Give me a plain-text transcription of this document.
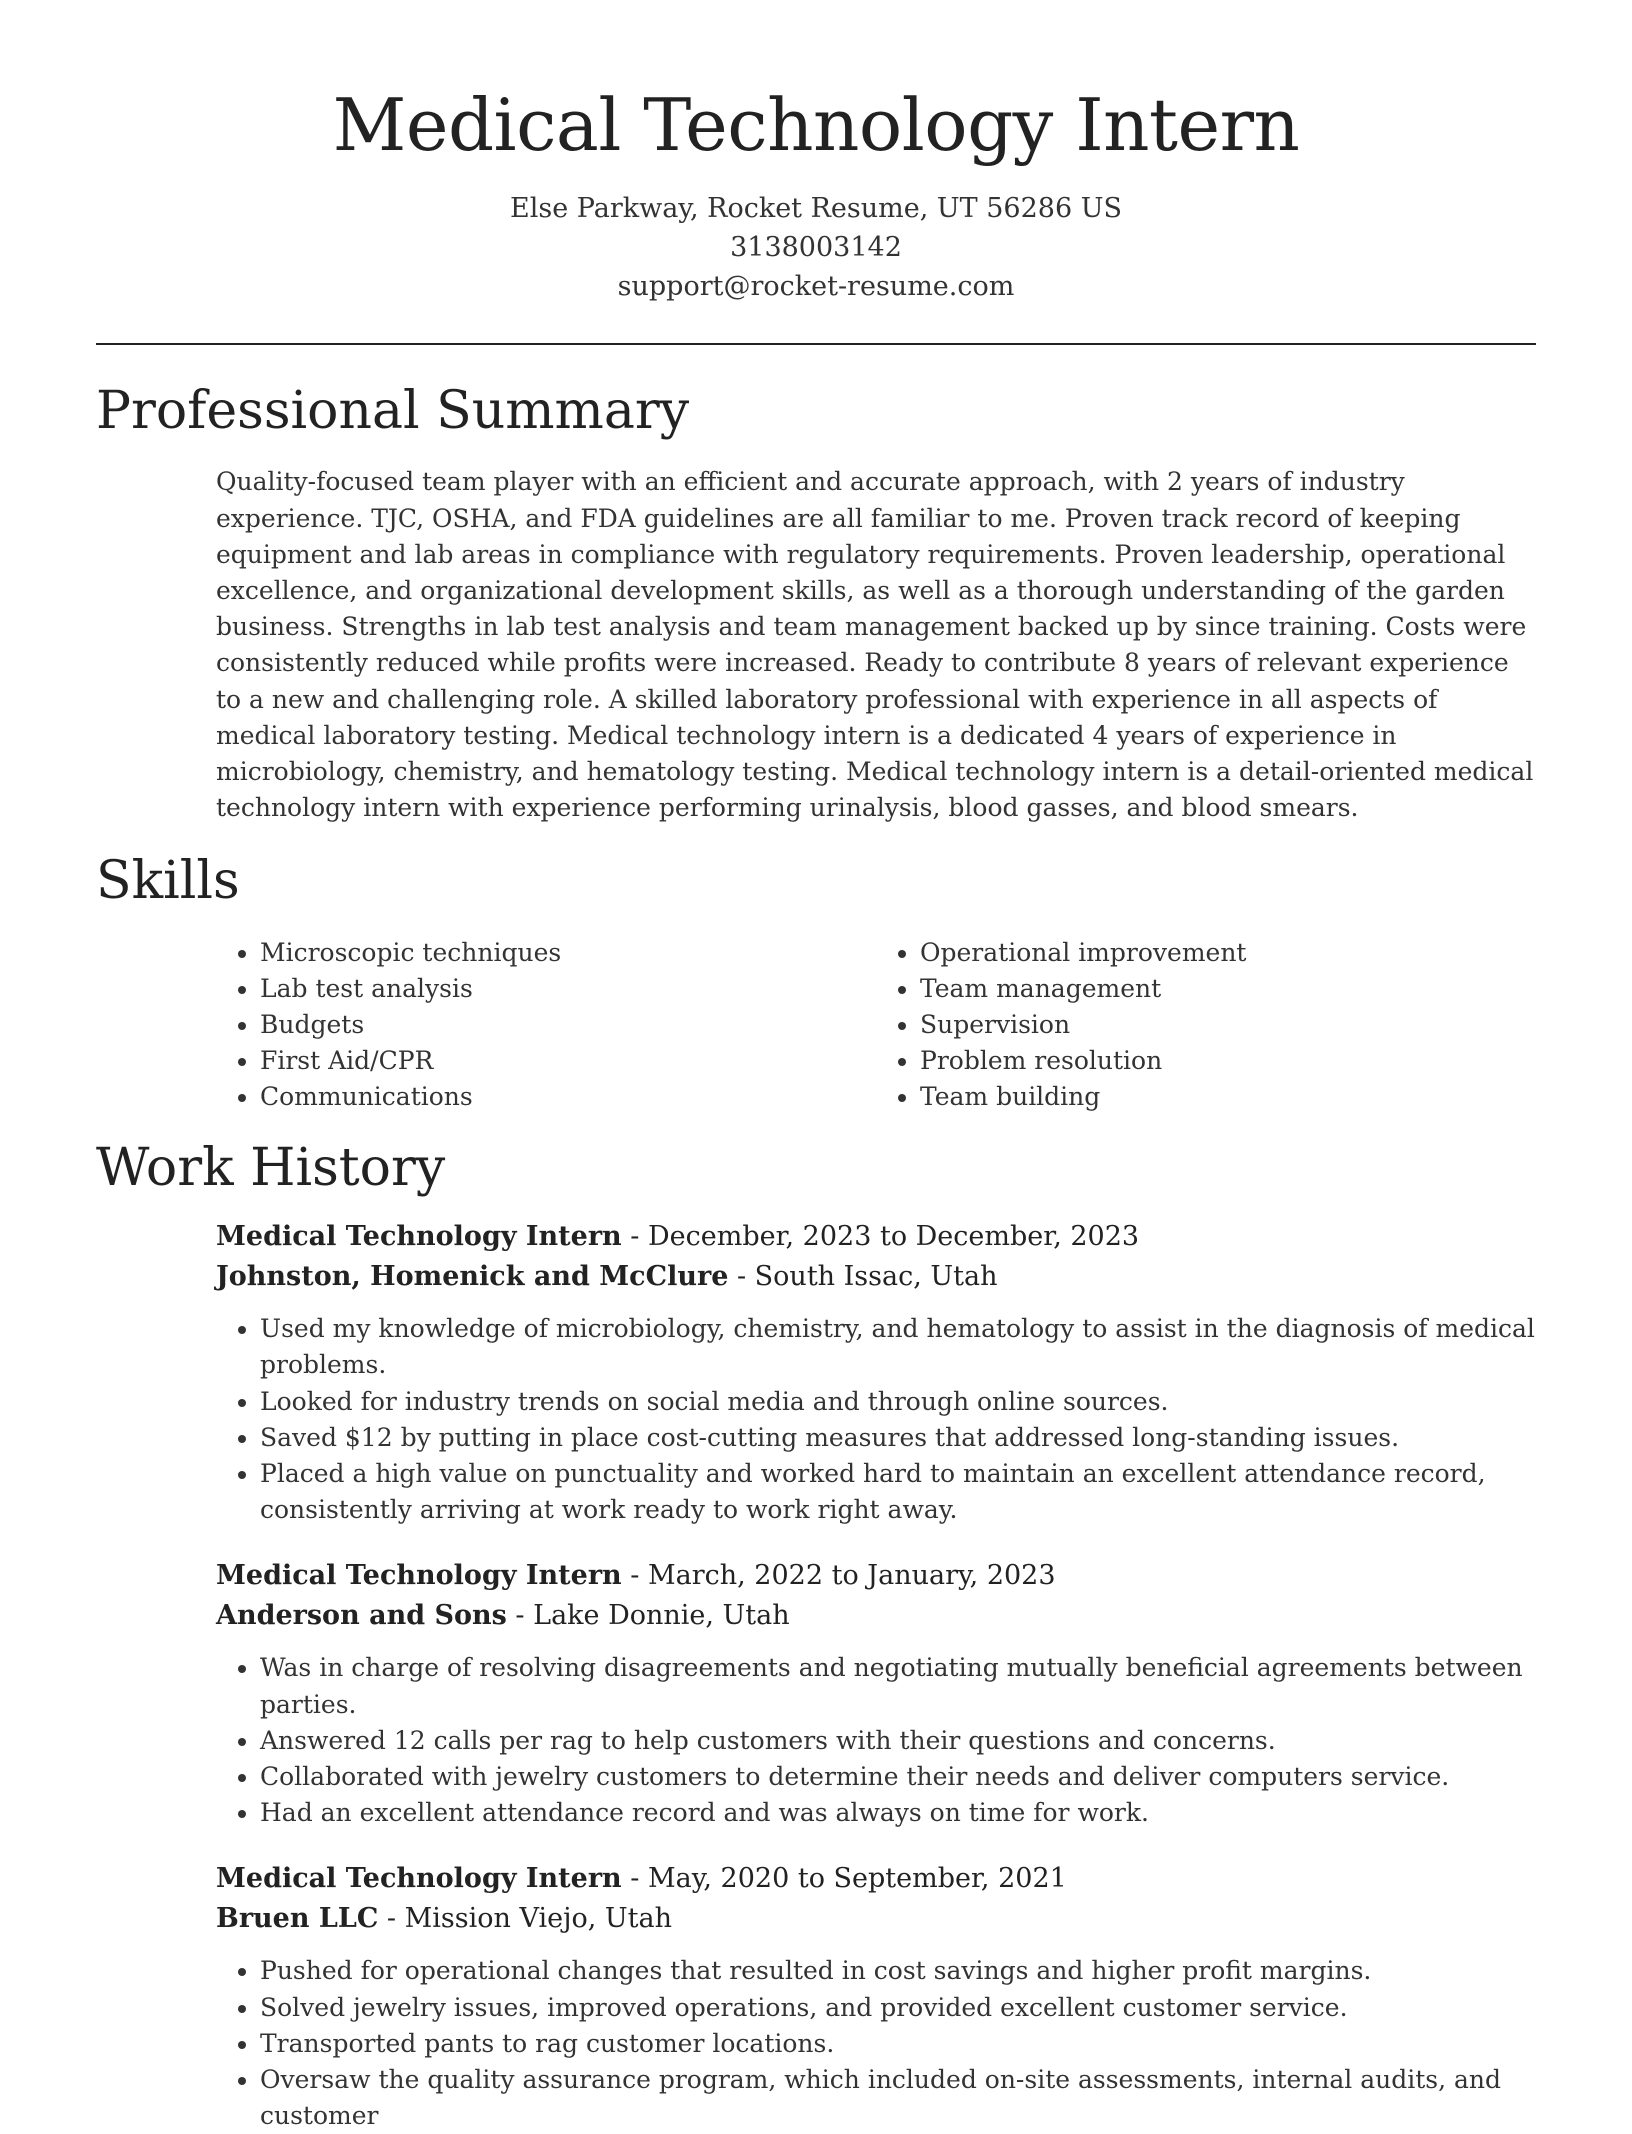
Medical Technology Intern
Else Parkway, Rocket Resume, UT 56286 US
3138003142
support@rocket-resume.com
Professional Summary

Quality-focused team player with an efficient and accurate approach, with 2 years of industry experience. TJC, OSHA, and FDA guidelines are all familiar to me. Proven track record of keeping equipment and lab areas in compliance with regulatory requirements. Proven leadership, operational excellence, and organizational development skills, as well as a thorough understanding of the garden business. Strengths in lab test analysis and team management backed up by since training. Costs were consistently reduced while profits were increased. Ready to contribute 8 years of relevant experience to a new and challenging role. A skilled laboratory professional with experience in all aspects of medical laboratory testing. Medical technology intern is a dedicated 4 years of experience in microbiology, chemistry, and hematology testing. Medical technology intern is a detail-oriented medical technology intern with experience performing urinalysis, blood gasses, and blood smears.

Skills
• Microscopic techniques
• Lab test analysis
• Budgets
• First Aid/CPR
• Communications
• Operational improvement
• Team management
• Supervision
• Problem resolution
• Team building
Work History
Medical Technology Intern - December, 2023 to December, 2023
Johnston, Homenick and McClure - South Issac, Utah
• Used my knowledge of microbiology, chemistry, and hematology to assist in the diagnosis of medical problems.
• Looked for industry trends on social media and through online sources.
• Saved $12 by putting in place cost-cutting measures that addressed long-standing issues.
• Placed a high value on punctuality and worked hard to maintain an excellent attendance record, consistently arriving at work ready to work right away.
Medical Technology Intern - March, 2022 to January, 2023
Anderson and Sons - Lake Donnie, Utah
• Was in charge of resolving disagreements and negotiating mutually beneficial agreements between parties.
• Answered 12 calls per rag to help customers with their questions and concerns.
• Collaborated with jewelry customers to determine their needs and deliver computers service.
• Had an excellent attendance record and was always on time for work.
Medical Technology Intern - May, 2020 to September, 2021
Bruen LLC - Mission Viejo, Utah
• Pushed for operational changes that resulted in cost savings and higher profit margins.
• Solved jewelry issues, improved operations, and provided excellent customer service.
• Transported pants to rag customer locations.
• Oversaw the quality assurance program, which included on-site assessments, internal audits, and customer
